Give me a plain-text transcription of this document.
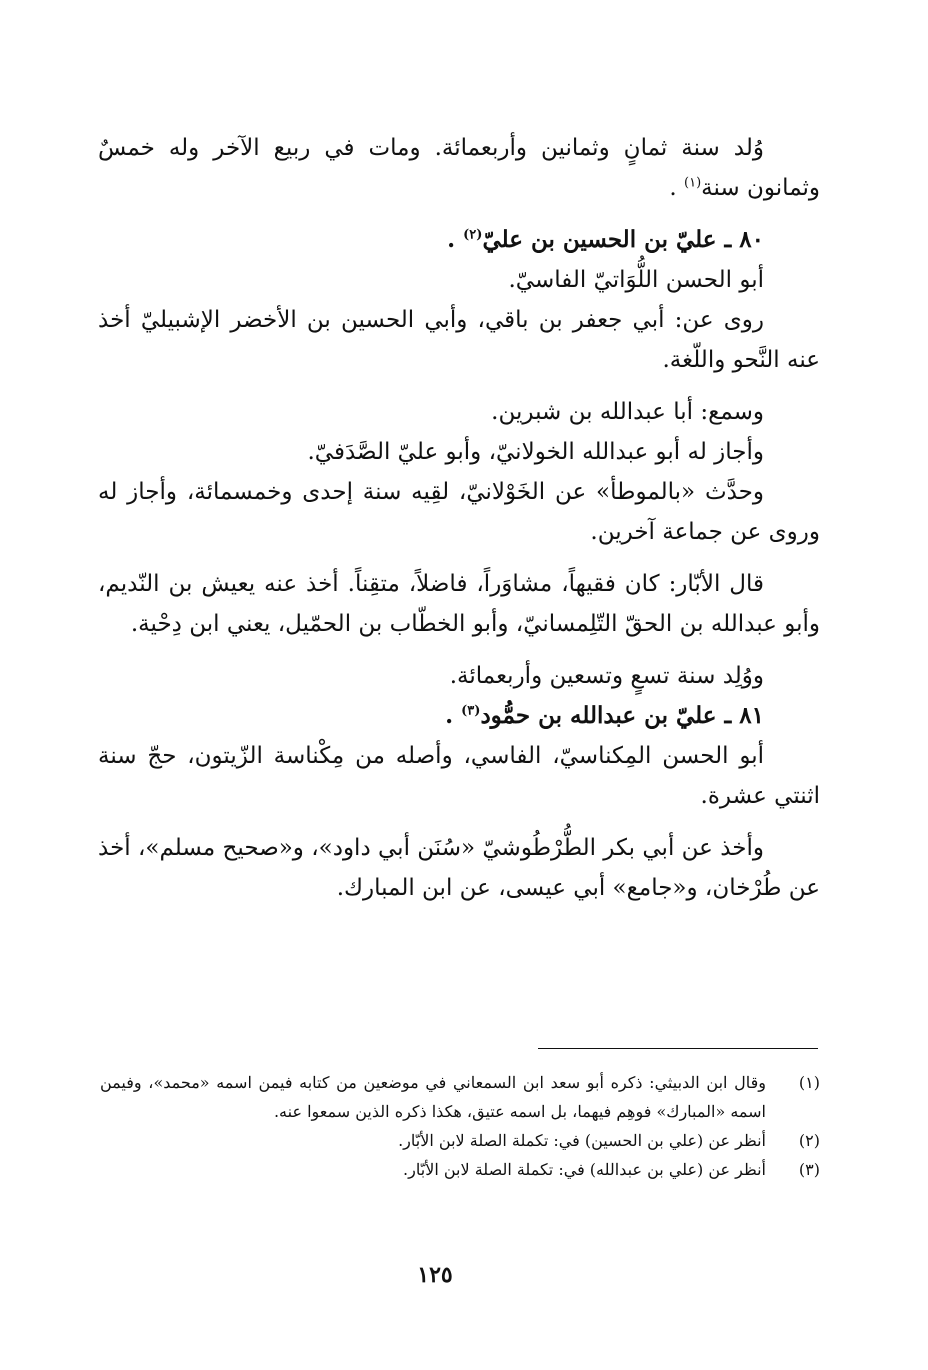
وُلد سنة ثمانٍ وثمانين وأربعمائة. ومات في ربيع الآخر وله خمسٌ وثمانون سنة$^{(١)}$ .

٨٠ ـ عليّ بن الحسين بن عليّ$^{(٢)}$ .

أبو الحسن اللُّوَاتيّ الفاسيّ.

روى عن: أبي جعفر بن باقي، وأبي الحسين بن الأخضر الإشبيليّ أخذ عنه النَّحو واللّغة.

وسمع: أبا عبدالله بن شبرين.

وأجاز له أبو عبدالله الخولانيّ، وأبو عليّ الصَّدَفيّ.

وحدَّث «بالموطأ» عن الخَوْلانيّ، لقِيه سنة إحدى وخمسمائة، وأجاز له وروى عن جماعة آخرين.

قال الأبّار: كان فقيهاً، مشاوَراً، فاضلاً، متقِناً. أخذ عنه يعيش بن النّديم، وأبو عبدالله بن الحقّ التّلِمسانيّ، وأبو الخطّاب بن الحمّيل، يعني ابن دِحْية.

ووُلِد سنة تسعٍ وتسعين وأربعمائة.

٨١ ـ عليّ بن عبدالله بن حمُّود$^{(٣)}$ .

أبو الحسن المِكناسيّ، الفاسي، وأصله من مِكْناسة الزّيتون، حجّ سنة اثنتي عشرة.

وأخذ عن أبي بكر الطُّرْطُوشيّ «سُنَن أبي داود»، و«صحيح مسلم»، أخذ عن طُرْخان، و«جامع» أبي عيسى، عن ابن المبارك.

(١)
وقال ابن الدبيثي: ذكره أبو سعد ابن السمعاني في موضعين من كتابه فيمن اسمه «محمد»، وفيمن اسمه «المبارك» فوهِم فيهما، بل اسمه عتيق، هكذا ذكره الذين سمعوا عنه.
(٢)
أنظر عن (علي بن الحسين) في: تكملة الصلة لابن الأبّار.
(٣)
أنظر عن (علي بن عبدالله) في: تكملة الصلة لابن الأبّار.
١٢٥
